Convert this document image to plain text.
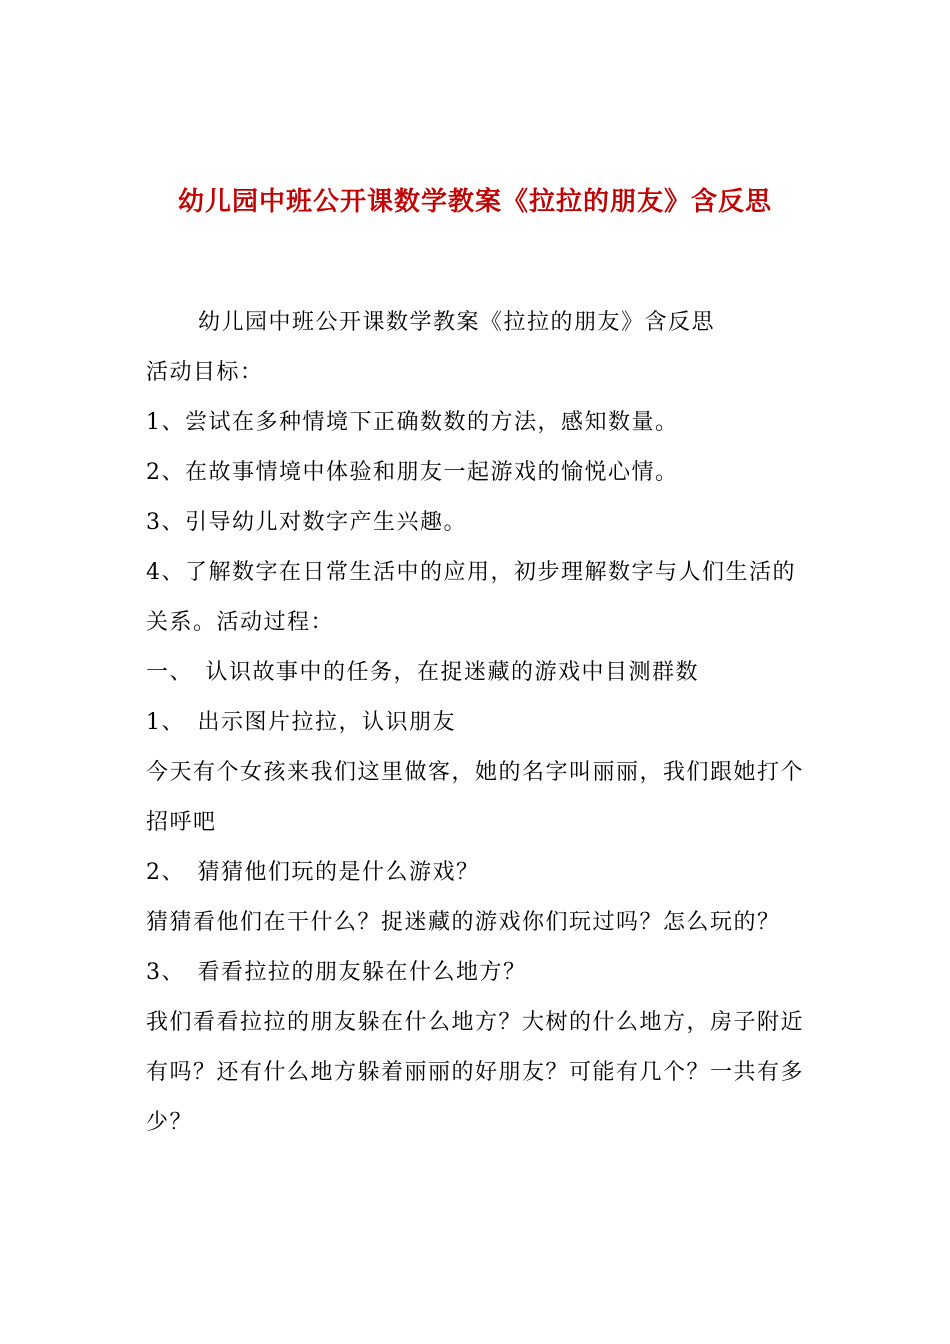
幼儿园中班公开课数学教案《拉拉的朋友》含反思

幼儿园中班公开课数学教案《拉拉的朋友》含反思

活动目标：

1、尝试在多种情境下正确数数的方法，感知数量。

2、在故事情境中体验和朋友一起游戏的愉悦心情。

3、引导幼儿对数字产生兴趣。

4、了解数字在日常生活中的应用，初步理解数字与人们生活的关系。活动过程：

一、　认识故事中的任务，在捉迷藏的游戏中目测群数

1、　出示图片拉拉，认识朋友

今天有个女孩来我们这里做客，她的名字叫丽丽，我们跟她打个招呼吧

2、　猜猜他们玩的是什么游戏？

猜猜看他们在干什么？捉迷藏的游戏你们玩过吗？怎么玩的？

3、　看看拉拉的朋友躲在什么地方？

我们看看拉拉的朋友躲在什么地方？大树的什么地方，房子附近有吗？还有什么地方躲着丽丽的好朋友？可能有几个？一共有多少？
